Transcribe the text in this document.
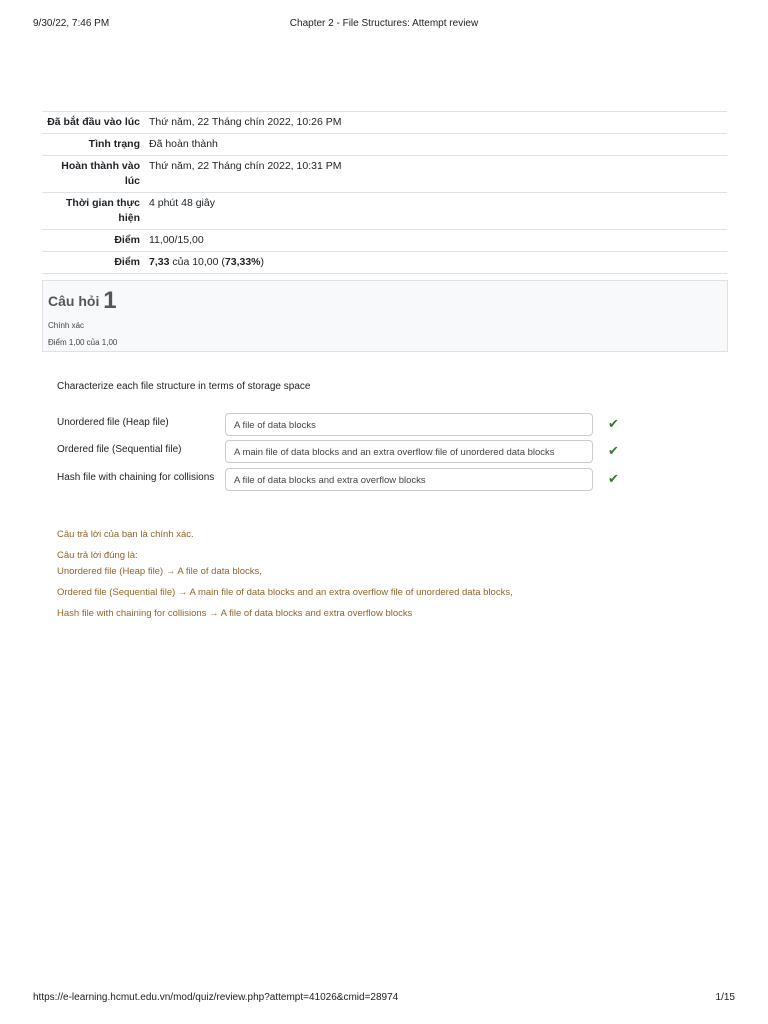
9/30/22, 7:46 PM	Chapter 2 - File Structures: Attempt review
Đã bắt đầu vào lúc	Thứ năm, 22 Tháng chín 2022, 10:26 PM
Tình trạng	Đã hoàn thành
Hoàn thành vào lúc	Thứ năm, 22 Tháng chín 2022, 10:31 PM
Thời gian thực hiện	4 phút 48 giây
Điểm	11,00/15,00
Điểm	7,33 của 10,00 (73,33%)
Câu hỏi 1
Chính xác
Điểm 1,00 của 1,00
Characterize each file structure in terms of storage space
Unordered file (Heap file)	A file of data blocks	✔
Ordered file (Sequential file)	A main file of data blocks and an extra overflow file of unordered data blocks	✔
Hash file with chaining for collisions	A file of data blocks and extra overflow blocks	✔
Câu trả lời của bạn là chính xác.
Câu trả lời đúng là:
Unordered file (Heap file) → A file of data blocks,
Ordered file (Sequential file) → A main file of data blocks and an extra overflow file of unordered data blocks,
Hash file with chaining for collisions → A file of data blocks and extra overflow blocks
https://e-learning.hcmut.edu.vn/mod/quiz/review.php?attempt=41026&cmid=28974	1/15
